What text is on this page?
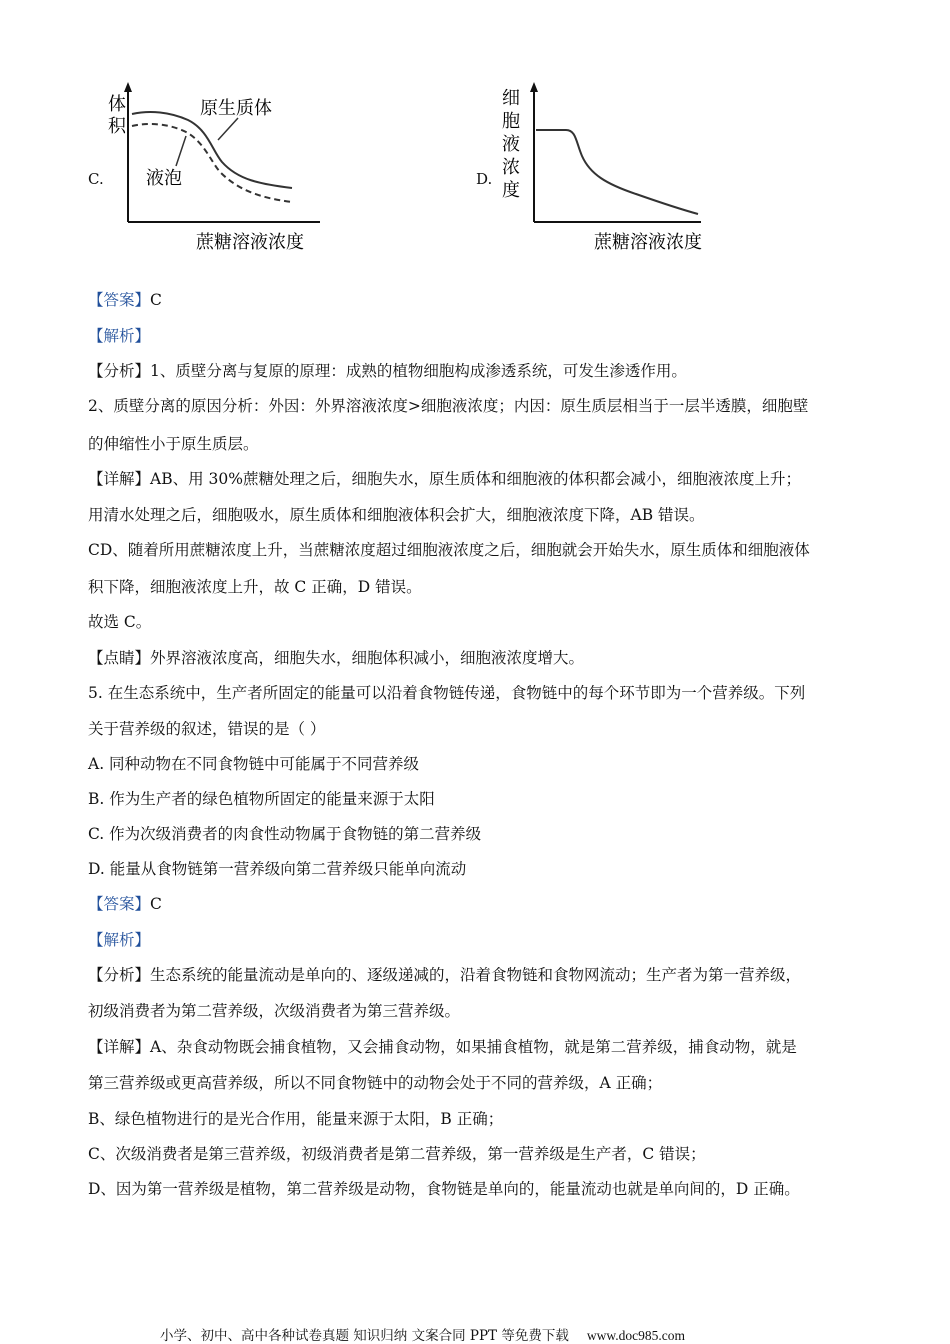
C.
体
积
原生质体
液泡
蔗糖溶液浓度
D.
细
胞
液
浓
度
蔗糖溶液浓度
【答案】C
【解析】
【分析】1、质壁分离与复原的原理：成熟的植物细胞构成渗透系统，可发生渗透作用。
2、质壁分离的原因分析：外因：外界溶液浓度>细胞液浓度；内因：原生质层相当于一层半透膜，细胞壁
的伸缩性小于原生质层。
【详解】AB、用 30%蔗糖处理之后，细胞失水，原生质体和细胞液的体积都会减小，细胞液浓度上升；
用清水处理之后，细胞吸水，原生质体和细胞液体积会扩大，细胞液浓度下降，AB 错误。
CD、随着所用蔗糖浓度上升，当蔗糖浓度超过细胞液浓度之后，细胞就会开始失水，原生质体和细胞液体
积下降，细胞液浓度上升，故 C 正确，D 错误。
故选 C。
【点睛】外界溶液浓度高，细胞失水，细胞体积减小，细胞液浓度增大。
5. 在生态系统中，生产者所固定的能量可以沿着食物链传递，食物链中的每个环节即为一个营养级。下列
关于营养级的叙述，错误的是（ ）
A. 同种动物在不同食物链中可能属于不同营养级
B. 作为生产者的绿色植物所固定的能量来源于太阳
C. 作为次级消费者的肉食性动物属于食物链的第二营养级
D. 能量从食物链第一营养级向第二营养级只能单向流动
【答案】C
【解析】
【分析】生态系统的能量流动是单向的、逐级递减的，沿着食物链和食物网流动；生产者为第一营养级，
初级消费者为第二营养级，次级消费者为第三营养级。
【详解】A、杂食动物既会捕食植物，又会捕食动物，如果捕食植物，就是第二营养级，捕食动物，就是
第三营养级或更高营养级，所以不同食物链中的动物会处于不同的营养级，A 正确；
B、绿色植物进行的是光合作用，能量来源于太阳，B 正确；
C、次级消费者是第三营养级，初级消费者是第二营养级，第一营养级是生产者，C 错误；
D、因为第一营养级是植物，第二营养级是动物，食物链是单向的，能量流动也就是单向间的，D 正确。
小学、初中、高中各种试卷真题 知识归纳 文案合同 PPT 等免费下载 www.doc985.com
